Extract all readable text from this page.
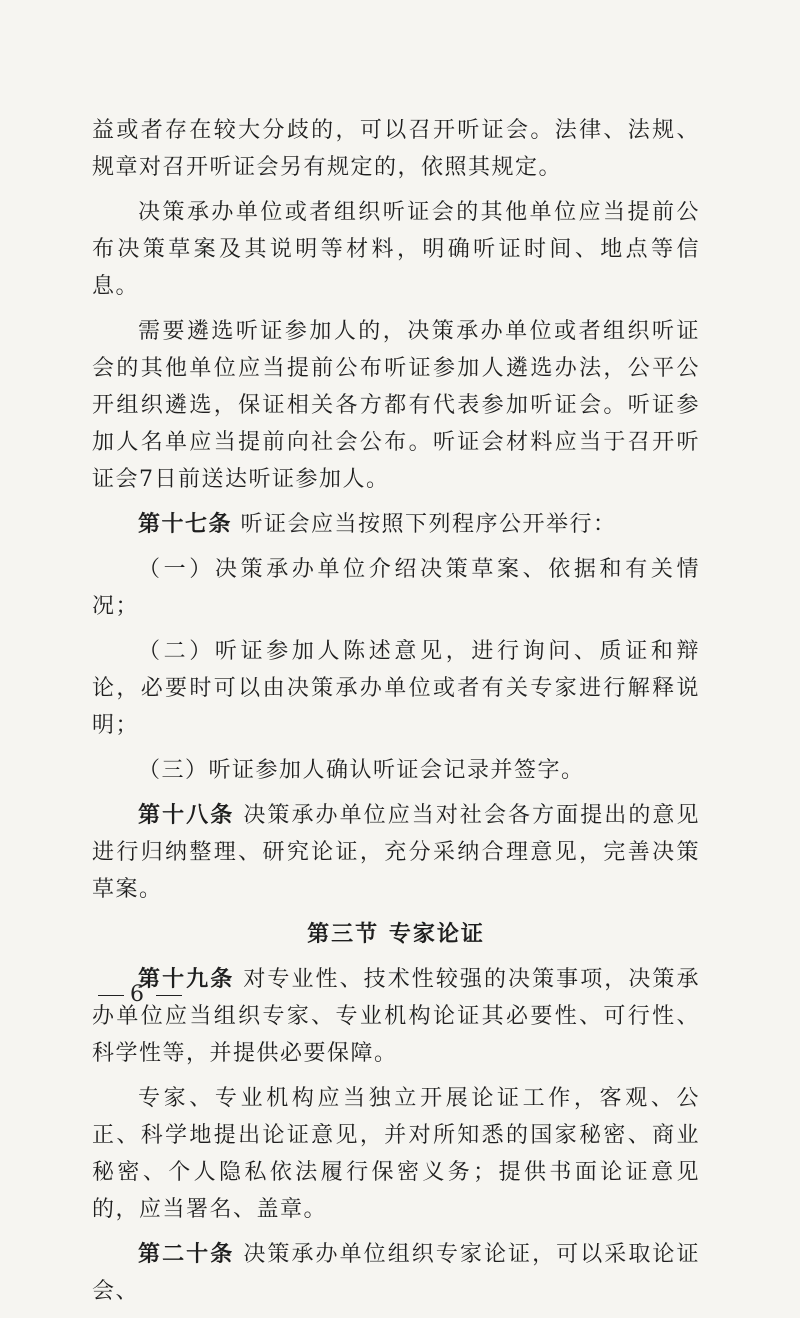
益或者存在较大分歧的，可以召开听证会。法律、法规、规章对召开听证会另有规定的，依照其规定。

决策承办单位或者组织听证会的其他单位应当提前公布决策草案及其说明等材料，明确听证时间、地点等信息。

需要遴选听证参加人的，决策承办单位或者组织听证会的其他单位应当提前公布听证参加人遴选办法，公平公开组织遴选，保证相关各方都有代表参加听证会。听证参加人名单应当提前向社会公布。听证会材料应当于召开听证会7日前送达听证参加人。

第十七条 听证会应当按照下列程序公开举行：

（一）决策承办单位介绍决策草案、依据和有关情况；

（二）听证参加人陈述意见，进行询问、质证和辩论，必要时可以由决策承办单位或者有关专家进行解释说明；

（三）听证参加人确认听证会记录并签字。

第十八条 决策承办单位应当对社会各方面提出的意见进行归纳整理、研究论证，充分采纳合理意见，完善决策草案。

第三节 专家论证

第十九条 对专业性、技术性较强的决策事项，决策承办单位应当组织专家、专业机构论证其必要性、可行性、科学性等，并提供必要保障。

专家、专业机构应当独立开展论证工作，客观、公正、科学地提出论证意见，并对所知悉的国家秘密、商业秘密、个人隐私依法履行保密义务；提供书面论证意见的，应当署名、盖章。

第二十条 决策承办单位组织专家论证，可以采取论证会、

6
